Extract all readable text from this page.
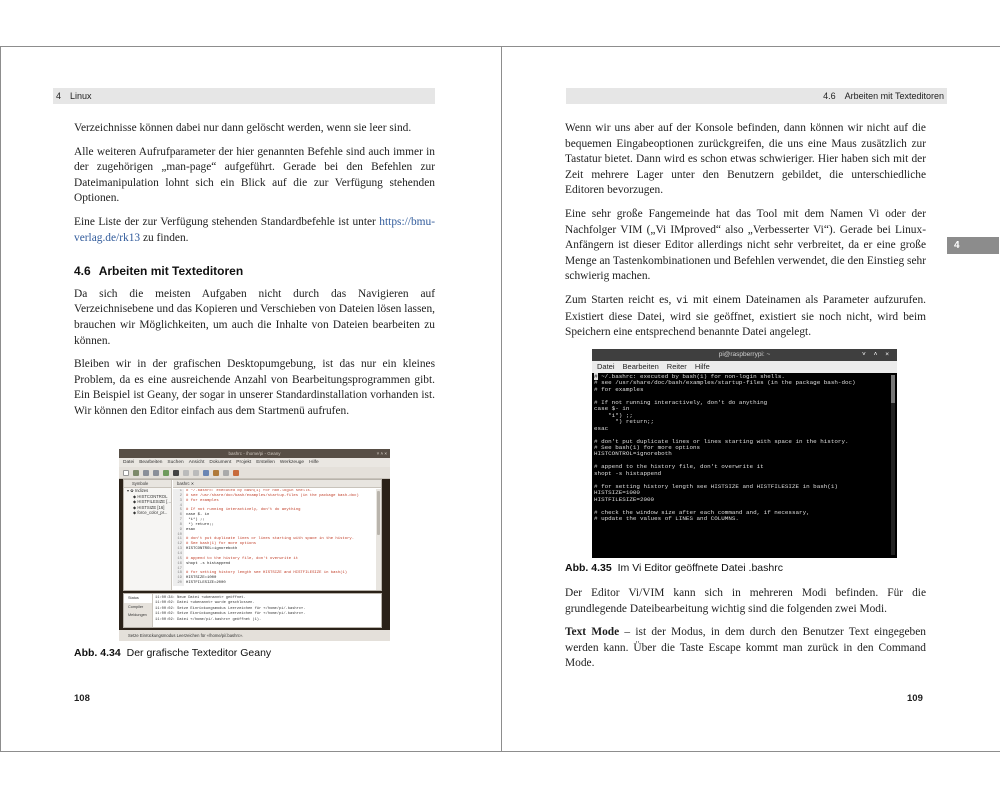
4 Linux	4.6 Arbeiten mit Texteditoren
4

Verzeichnisse können dabei nur dann gelöscht werden, wenn sie leer sind.

Alle weiteren Aufrufparameter der hier genannten Befehle sind auch immer in der zugehörigen „man-page“ aufgeführt. Gerade bei den Befehlen zur Dateimanipulation lohnt sich ein Blick auf die zur Verfügung stehenden Optionen.

Eine Liste der zur Verfügung stehenden Standardbefehle ist unter https://bmu-verlag.de/rk13 zu finden.

4.6 Arbeiten mit Texteditoren

Da sich die meisten Aufgaben nicht durch das Navigieren auf Verzeichnisebene und das Kopieren und Verschieben von Dateien lösen lassen, brauchen wir Möglichkeiten, um auch die Inhalte von Dateien bearbeiten zu können.

Bleiben wir in der grafischen Desktopumgebung, ist das nur ein kleines Problem, da es eine ausreichende Anzahl von Bearbeitungsprogrammen gibt. Ein Beispiel ist Geany, der sogar in unserer Standardinstallation vorhanden ist. Wir können den Editor einfach aus dem Startmenü aufrufen.

bashrc - /home/pi - Geany	˅ ˄ ×
Datei Bearbeiten Suchen Ansicht Dokument Projekt Erstellen Werkzeuge Hilfe
Symbole
▾ ✿ Indizes
◆ HISTCONTROL
◆ HISTFILESIZE [...
◆ HISTSIZE [16]
◆ force_color_pr...
bashrc ✕
1 # ~/.bashrc: executed by bash(1) for non-login shells.
2 # see /usr/share/doc/bash/examples/startup-files (in the package bash-doc)
3 # for examples
4
5 # If not running interactively, don't do anything
6 case $- in
7 *i*) ;;
8 *) return;;
9 esac
10
11 # don't put duplicate lines or lines starting with space in the history.
12 # See bash(1) for more options
13 HISTCONTROL=ignoreboth
14
15 # append to the history file, don't overwrite it
16 shopt -s histappend
17
18 # for setting history length see HISTSIZE and HISTFILESIZE in bash(1)
19 HISTSIZE=1000
20 HISTFILESIZE=2000
Status
Compiler
Meldungen
11:00:34: Neue Datei «ubenannt» geöffnet.
11:00:02: Datei «ubenannt» wurde geschlossen.
11:00:02: Setze Einrückungsmodus Leerzeichen für «/home/pi/.bashrc».
11:00:02: Setze Einrückungsmodus Leerzeichen für «/home/pi/.bashrc».
11:00:02: Datei «/home/pi/.bashrc» geöffnet (1).
Setze Einrückungsmodus Leerzeichen für «/home/pi/.bashrc».
Abb. 4.34 Der grafische Texteditor Geany
108

Wenn wir uns aber auf der Konsole befinden, dann können wir nicht auf die bequemen Eingabeoptionen zurückgreifen, die uns eine Maus zusätzlich zur Tastatur bietet. Dann wird es schon etwas schwieriger. Hier haben sich mit der Zeit mehrere Lager unter den Benutzern gebildet, die unterschiedliche Editoren bevorzugen.

Eine sehr große Fangemeinde hat das Tool mit dem Namen Vi oder der Nachfolger VIM („Vi IMproved“ also „Verbesserter Vi“). Gerade bei Linux-Anfängern ist dieser Editor allerdings nicht sehr verbreitet, da er eine große Menge an Tastenkombinationen und Befehlen verwendet, die den Einstieg sehr schwierig machen.

Zum Starten reicht es, vi mit einem Dateinamen als Parameter aufzurufen. Existiert diese Datei, wird sie geöffnet, existiert sie noch nicht, wird beim Speichern eine entsprechend benannte Datei angelegt.

pi@raspberrypi: ~	˅ ˄ ×
Datei Bearbeiten Reiter Hilfe
# ~/.bashrc: executed by bash(1) for non-login shells.
# see /usr/share/doc/bash/examples/startup-files (in the package bash-doc)
# for examples

# If not running interactively, don't do anything
case $- in
*i*) ;;
*) return;;
esac

# don't put duplicate lines or lines starting with space in the history.
# See bash(1) for more options
HISTCONTROL=ignoreboth

# append to the history file, don't overwrite it
shopt -s histappend

# for setting history length see HISTSIZE and HISTFILESIZE in bash(1)
HISTSIZE=1000
HISTFILESIZE=2000

# check the window size after each command and, if necessary,
# update the values of LINES and COLUMNS.
Abb. 4.35 Im Vi Editor geöffnete Datei .bashrc

Der Editor Vi/VIM kann sich in mehreren Modi befinden. Für die grundlegende Dateibearbeitung wichtig sind die folgenden zwei Modi.

Text Mode – ist der Modus, in dem durch den Benutzer Text eingegeben werden kann. Über die Taste Escape kommt man zurück in den Command Mode.

109
